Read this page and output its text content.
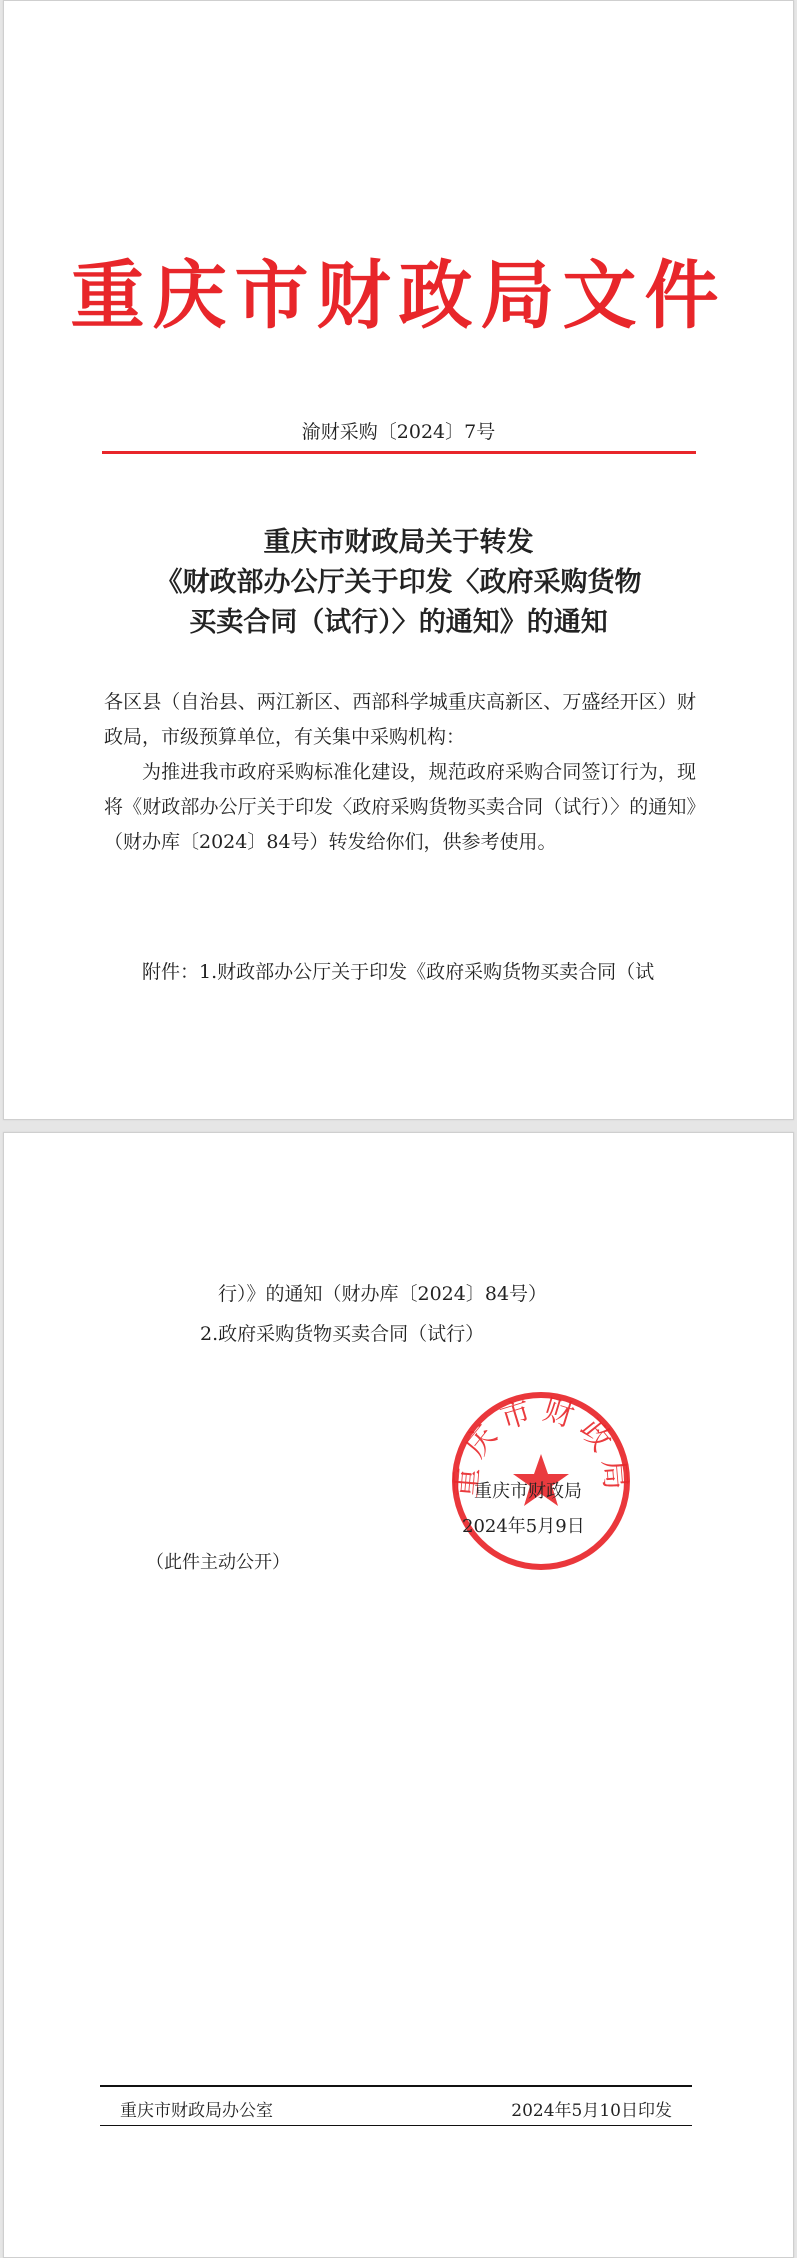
重庆市财政局文件
渝财采购〔2024〕7号
重庆市财政局关于转发
《财政部办公厅关于印发〈政府采购货物
买卖合同（试行）〉的通知》的通知

各区县（自治县、两江新区、西部科学城重庆高新区、万盛经开区）财政局，市级预算单位，有关集中采购机构：

为推进我市政府采购标准化建设，规范政府采购合同签订行为，现将《财政部办公厅关于印发〈政府采购货物买卖合同（试行）〉的通知》（财办库〔2024〕84号）转发给你们，供参考使用。

附件：1.财政部办公厅关于印发《政府采购货物买卖合同（试

行）》的通知（财办库〔2024〕84号）
2.政府采购货物买卖合同（试行）
重庆市财政局
重庆市财政局
2024年5月9日
（此件主动公开）
重庆市财政局办公室	2024年5月10日印发
